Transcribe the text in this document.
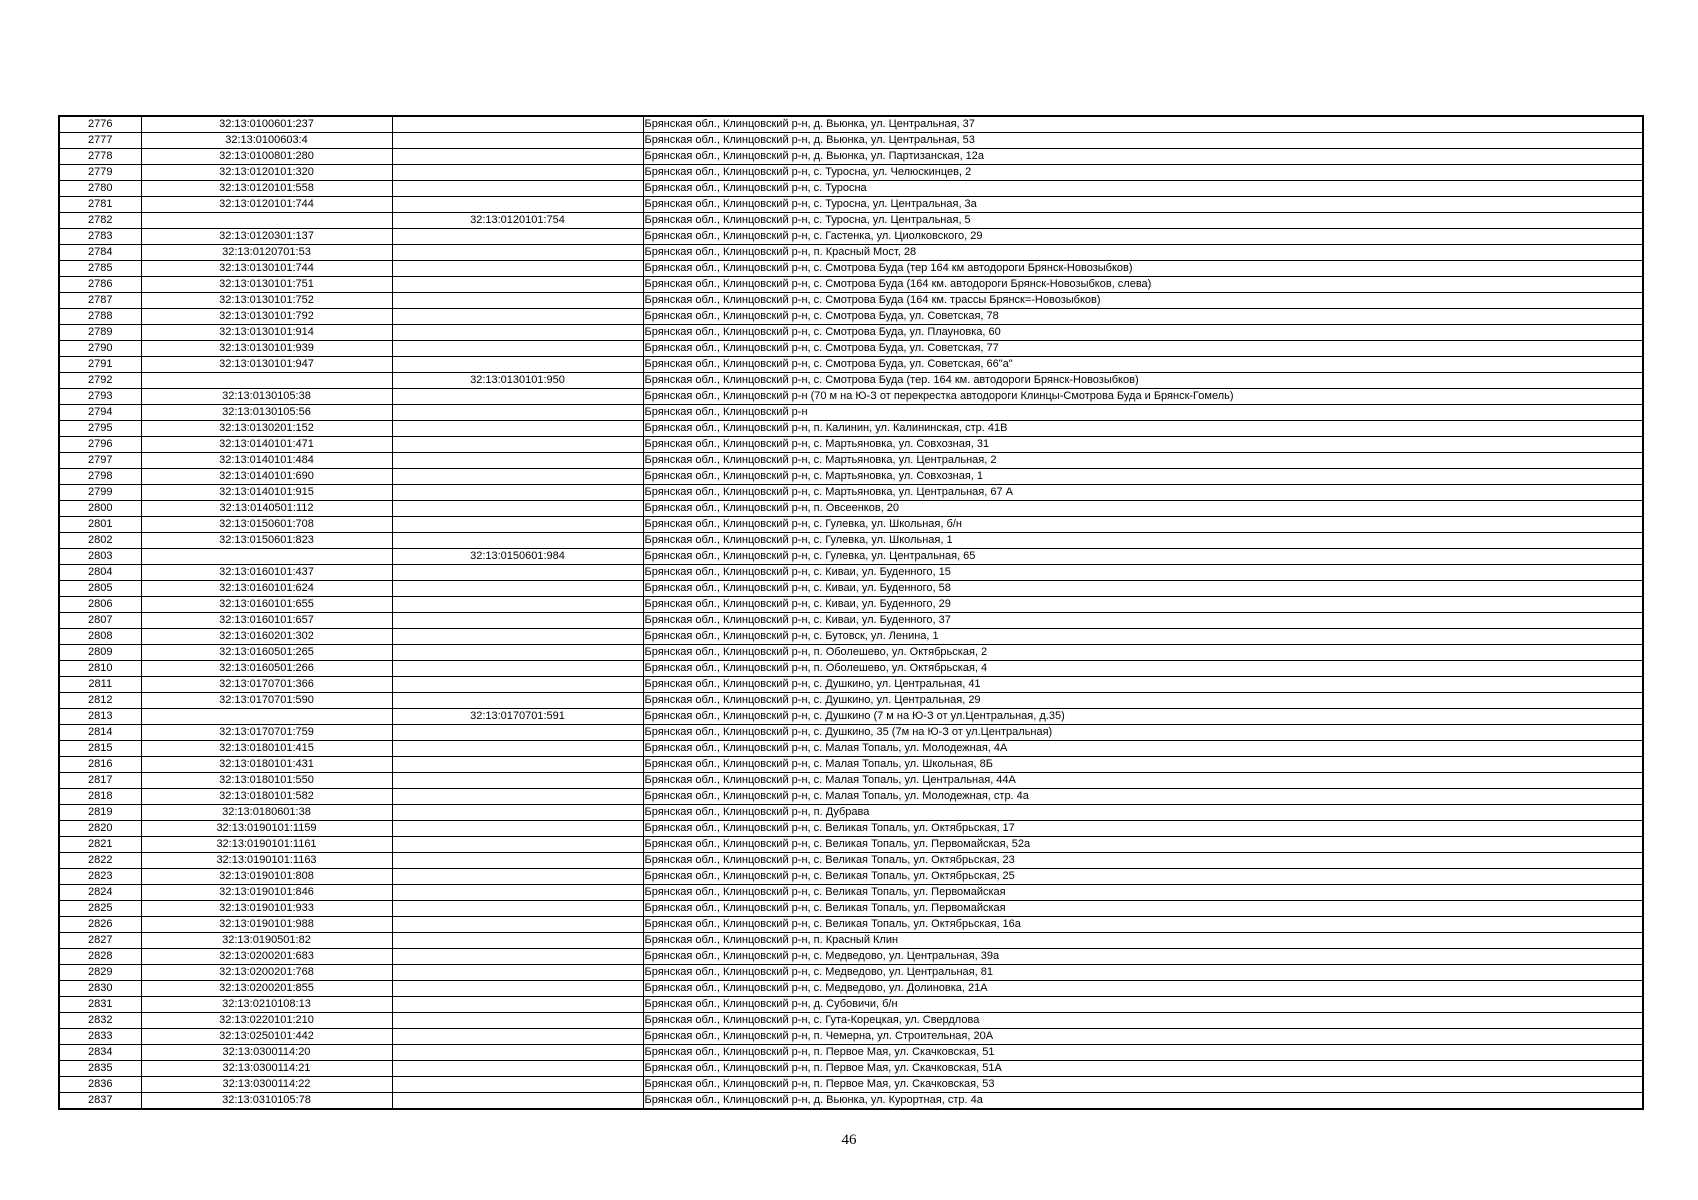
2776	32:13:0100601:237		Брянская обл., Клинцовский р-н, д. Вьюнка, ул. Центральная, 37
2777	32:13:0100603:4		Брянская обл., Клинцовский р-н, д. Вьюнка, ул. Центральная, 53
2778	32:13:0100801:280		Брянская обл., Клинцовский р-н, д. Вьюнка, ул. Партизанская, 12а
2779	32:13:0120101:320		Брянская обл., Клинцовский р-н, с. Туросна, ул. Челюскинцев, 2
2780	32:13:0120101:558		Брянская обл., Клинцовский р-н, с. Туросна
2781	32:13:0120101:744		Брянская обл., Клинцовский р-н, с. Туросна, ул. Центральная, 3а
2782		32:13:0120101:754	Брянская обл., Клинцовский р-н, с. Туросна, ул. Центральная, 5
2783	32:13:0120301:137		Брянская обл., Клинцовский р-н, с. Гастенка, ул. Циолковского, 29
2784	32:13:0120701:53		Брянская обл., Клинцовский р-н, п. Красный Мост, 28
2785	32:13:0130101:744		Брянская обл., Клинцовский р-н, с. Смотрова Буда (тер 164 км автодороги Брянск-Новозыбков)
2786	32:13:0130101:751		Брянская обл., Клинцовский р-н, с. Смотрова Буда (164 км. автодороги Брянск-Новозыбков, слева)
2787	32:13:0130101:752		Брянская обл., Клинцовский р-н, с. Смотрова Буда (164 км. трассы Брянск=-Новозыбков)
2788	32:13:0130101:792		Брянская обл., Клинцовский р-н, с. Смотрова Буда, ул. Советская, 78
2789	32:13:0130101:914		Брянская обл., Клинцовский р-н, с. Смотрова Буда, ул. Плауновка, 60
2790	32:13:0130101:939		Брянская обл., Клинцовский р-н, с. Смотрова Буда, ул. Советская, 77
2791	32:13:0130101:947		Брянская обл., Клинцовский р-н, с. Смотрова Буда, ул. Советская, 66"а"
2792		32:13:0130101:950	Брянская обл., Клинцовский р-н, с. Смотрова Буда (тер. 164 км. автодороги Брянск-Новозыбков)
2793	32:13:0130105:38		Брянская обл., Клинцовский р-н (70 м на Ю-З от перекрестка автодороги Клинцы-Смотрова Буда и Брянск-Гомель)
2794	32:13:0130105:56		Брянская обл., Клинцовский р-н
2795	32:13:0130201:152		Брянская обл., Клинцовский р-н, п. Калинин, ул. Калининская, стр. 41В
2796	32:13:0140101:471		Брянская обл., Клинцовский р-н, с. Мартьяновка, ул. Совхозная, 31
2797	32:13:0140101:484		Брянская обл., Клинцовский р-н, с. Мартьяновка, ул. Центральная, 2
2798	32:13:0140101:690		Брянская обл., Клинцовский р-н, с. Мартьяновка, ул. Совхозная, 1
2799	32:13:0140101:915		Брянская обл., Клинцовский р-н, с. Мартьяновка, ул. Центральная, 67 А
2800	32:13:0140501:112		Брянская обл., Клинцовский р-н, п. Овсеенков, 20
2801	32:13:0150601:708		Брянская обл., Клинцовский р-н, с. Гулевка, ул. Школьная, б/н
2802	32:13:0150601:823		Брянская обл., Клинцовский р-н, с. Гулевка, ул. Школьная, 1
2803		32:13:0150601:984	Брянская обл., Клинцовский р-н, с. Гулевка, ул. Центральная, 65
2804	32:13:0160101:437		Брянская обл., Клинцовский р-н, с. Киваи, ул. Буденного, 15
2805	32:13:0160101:624		Брянская обл., Клинцовский р-н, с. Киваи, ул. Буденного, 58
2806	32:13:0160101:655		Брянская обл., Клинцовский р-н, с. Киваи, ул. Буденного, 29
2807	32:13:0160101:657		Брянская обл., Клинцовский р-н, с. Киваи, ул. Буденного, 37
2808	32:13:0160201:302		Брянская обл., Клинцовский р-н, с. Бутовск, ул. Ленина, 1
2809	32:13:0160501:265		Брянская обл., Клинцовский р-н, п. Оболешево, ул. Октябрьская, 2
2810	32:13:0160501:266		Брянская обл., Клинцовский р-н, п. Оболешево, ул. Октябрьская, 4
2811	32:13:0170701:366		Брянская обл., Клинцовский р-н, с. Душкино, ул. Центральная, 41
2812	32:13:0170701:590		Брянская обл., Клинцовский р-н, с. Душкино, ул. Центральная, 29
2813		32:13:0170701:591	Брянская обл., Клинцовский р-н, с. Душкино (7 м на Ю-З от ул.Центральная, д.35)
2814	32:13:0170701:759		Брянская обл., Клинцовский р-н, с. Душкино, 35 (7м на Ю-З от ул.Центральная)
2815	32:13:0180101:415		Брянская обл., Клинцовский р-н, с. Малая Топаль, ул. Молодежная, 4А
2816	32:13:0180101:431		Брянская обл., Клинцовский р-н, с. Малая Топаль, ул. Школьная, 8Б
2817	32:13:0180101:550		Брянская обл., Клинцовский р-н, с. Малая Топаль, ул. Центральная, 44А
2818	32:13:0180101:582		Брянская обл., Клинцовский р-н, с. Малая Топаль, ул. Молодежная, стр. 4а
2819	32:13:0180601:38		Брянская обл., Клинцовский р-н, п. Дубрава
2820	32:13:0190101:1159		Брянская обл., Клинцовский р-н, с. Великая Топаль, ул. Октябрьская, 17
2821	32:13:0190101:1161		Брянская обл., Клинцовский р-н, с. Великая Топаль, ул. Первомайская, 52а
2822	32:13:0190101:1163		Брянская обл., Клинцовский р-н, с. Великая Топаль, ул. Октябрьская, 23
2823	32:13:0190101:808		Брянская обл., Клинцовский р-н, с. Великая Топаль, ул. Октябрьская, 25
2824	32:13:0190101:846		Брянская обл., Клинцовский р-н, с. Великая Топаль, ул. Первомайская
2825	32:13:0190101:933		Брянская обл., Клинцовский р-н, с. Великая Топаль, ул. Первомайская
2826	32:13:0190101:988		Брянская обл., Клинцовский р-н, с. Великая Топаль, ул. Октябрьская, 16а
2827	32:13:0190501:82		Брянская обл., Клинцовский р-н, п. Красный Клин
2828	32:13:0200201:683		Брянская обл., Клинцовский р-н, с. Медведово, ул. Центральная, 39а
2829	32:13:0200201:768		Брянская обл., Клинцовский р-н, с. Медведово, ул. Центральная, 81
2830	32:13:0200201:855		Брянская обл., Клинцовский р-н, с. Медведово, ул. Долиновка, 21А
2831	32:13:0210108:13		Брянская обл., Клинцовский р-н, д. Субовичи, б/н
2832	32:13:0220101:210		Брянская обл., Клинцовский р-н, с. Гута-Корецкая, ул. Свердлова
2833	32:13:0250101:442		Брянская обл., Клинцовский р-н, п. Чемерна, ул. Строительная, 20А
2834	32:13:0300114:20		Брянская обл., Клинцовский р-н, п. Первое Мая, ул. Скачковская, 51
2835	32:13:0300114:21		Брянская обл., Клинцовский р-н, п. Первое Мая, ул. Скачковская, 51А
2836	32:13:0300114:22		Брянская обл., Клинцовский р-н, п. Первое Мая, ул. Скачковская, 53
2837	32:13:0310105:78		Брянская обл., Клинцовский р-н, д. Вьюнка, ул. Курортная, стр. 4а
46
